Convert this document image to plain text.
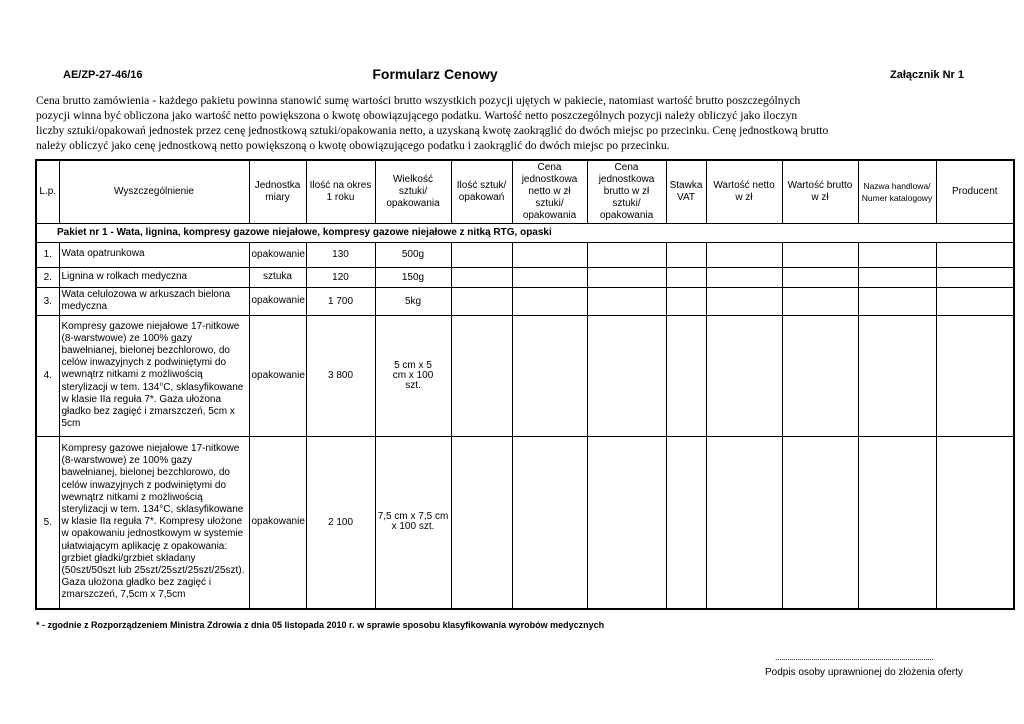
AE/ZP-27-46/16	Formularz Cenowy	Załącznik Nr 1

Cena brutto zamówienia - każdego pakietu powinna stanowić sumę wartości brutto wszystkich pozycji ujętych w pakiecie, natomiast wartość brutto poszczególnych

pozycji winna być obliczona jako wartość netto powiększona o kwotę obowiązującego podatku. Wartość netto poszczególnych pozycji należy obliczyć jako iloczyn

liczby sztuki/opakowań jednostek przez cenę jednostkową sztuki/opakowania netto, a uzyskaną kwotę zaokrąglić do dwóch miejsc po przecinku. Cenę jednostkową brutto

należy obliczyć jako cenę jednostkową netto powiększoną o kwotę obowiązującego podatku i zaokrąglić do dwóch miejsc po przecinku.

L.p.	Wyszczególnienie	Jednostka miary	Ilość na okres 1 roku	Wielkość sztuki/ opakowania	Ilość sztuk/ opakowań	Cena jednostkowa netto w zł sztuki/ opakowania	Cena jednostkowa brutto w zł sztuki/ opakowania	Stawka VAT	Wartość netto w zł	Wartość brutto w zł	Nazwa handlowa/ Numer katalogowy	Producent
Pakiet nr 1 - Wata, lignina, kompresy gazowe niejałowe, kompresy gazowe niejałowe z nitką RTG, opaski												
1.	Wata opatrunkowa	opakowanie	130	500g								
2.	Lignina w rolkach medyczna	sztuka	120	150g								
3.	Wata celulozowa w arkuszach bielona medyczna	opakowanie	1 700	5kg								
4.	Kompresy gazowe niejałowe 17-nitkowe (8-warstwowe) ze 100% gazy bawełnianej, bielonej bezchlorowo, do celów inwazyjnych z podwiniętymi do wewnątrz nitkami z możliwością sterylizacji w tem. 134°C, sklasyfikowane w klasie IIa reguła 7*. Gaza ułożona gładko bez zagięć i zmarszczeń, 5cm x 5cm	opakowanie	3 800	5 cm x 5 cm x 100 szt.								
5.	Kompresy gazowe niejałowe 17-nitkowe (8-warstwowe) ze 100% gazy bawełnianej, bielonej bezchlorowo, do celów inwazyjnych z podwiniętymi do wewnątrz nitkami z możliwością sterylizacji w tem. 134°C, sklasyfikowane w klasie IIa reguła 7*. Kompresy ułożone w opakowaniu jednostkowym w systemie ułatwiającym aplikację z opakowania: grzbiet gładki/grzbiet składany (50szt/50szt lub 25szt/25szt/25szt/25szt). Gaza ułożona gładko bez zagięć i zmarszczeń, 7,5cm x 7,5cm	opakowanie	2 100	7,5 cm x 7,5 cm x 100 szt.								
* - zgodnie z Rozporządzeniem Ministra Zdrowia z dnia 05 listopada 2010 r. w sprawie sposobu klasyfikowania wyrobów medycznych
...............................................................................
Podpis osoby uprawnionej do złożenia oferty
